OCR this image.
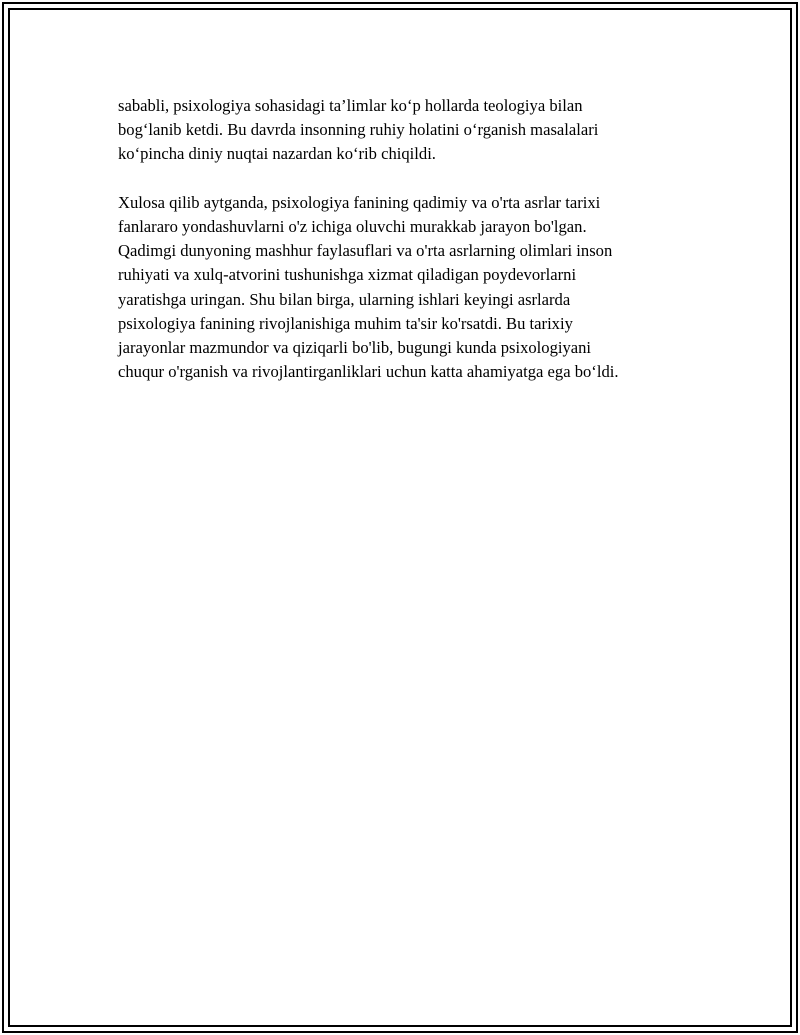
sababli, psixologiya sohasidagi ta’limlar ko‘p hollarda teologiya bilan
bog‘lanib ketdi. Bu davrda insonning ruhiy holatini o‘rganish masalalari
ko‘pincha diniy nuqtai nazardan ko‘rib chiqildi.

Xulosa qilib aytganda, psixologiya fanining qadimiy va o'rta asrlar tarixi
fanlararo yondashuvlarni o'z ichiga oluvchi murakkab jarayon bo'lgan.
Qadimgi dunyoning mashhur faylasuflari va o'rta asrlarning olimlari inson
ruhiyati va xulq-atvorini tushunishga xizmat qiladigan poydevorlarni
yaratishga uringan. Shu bilan birga, ularning ishlari keyingi asrlarda
psixologiya fanining rivojlanishiga muhim ta'sir ko'rsatdi. Bu tarixiy
jarayonlar mazmundor va qiziqarli bo'lib, bugungi kunda psixologiyani
chuqur o'rganish va rivojlantirganliklari uchun katta ahamiyatga ega bo‘ldi.
